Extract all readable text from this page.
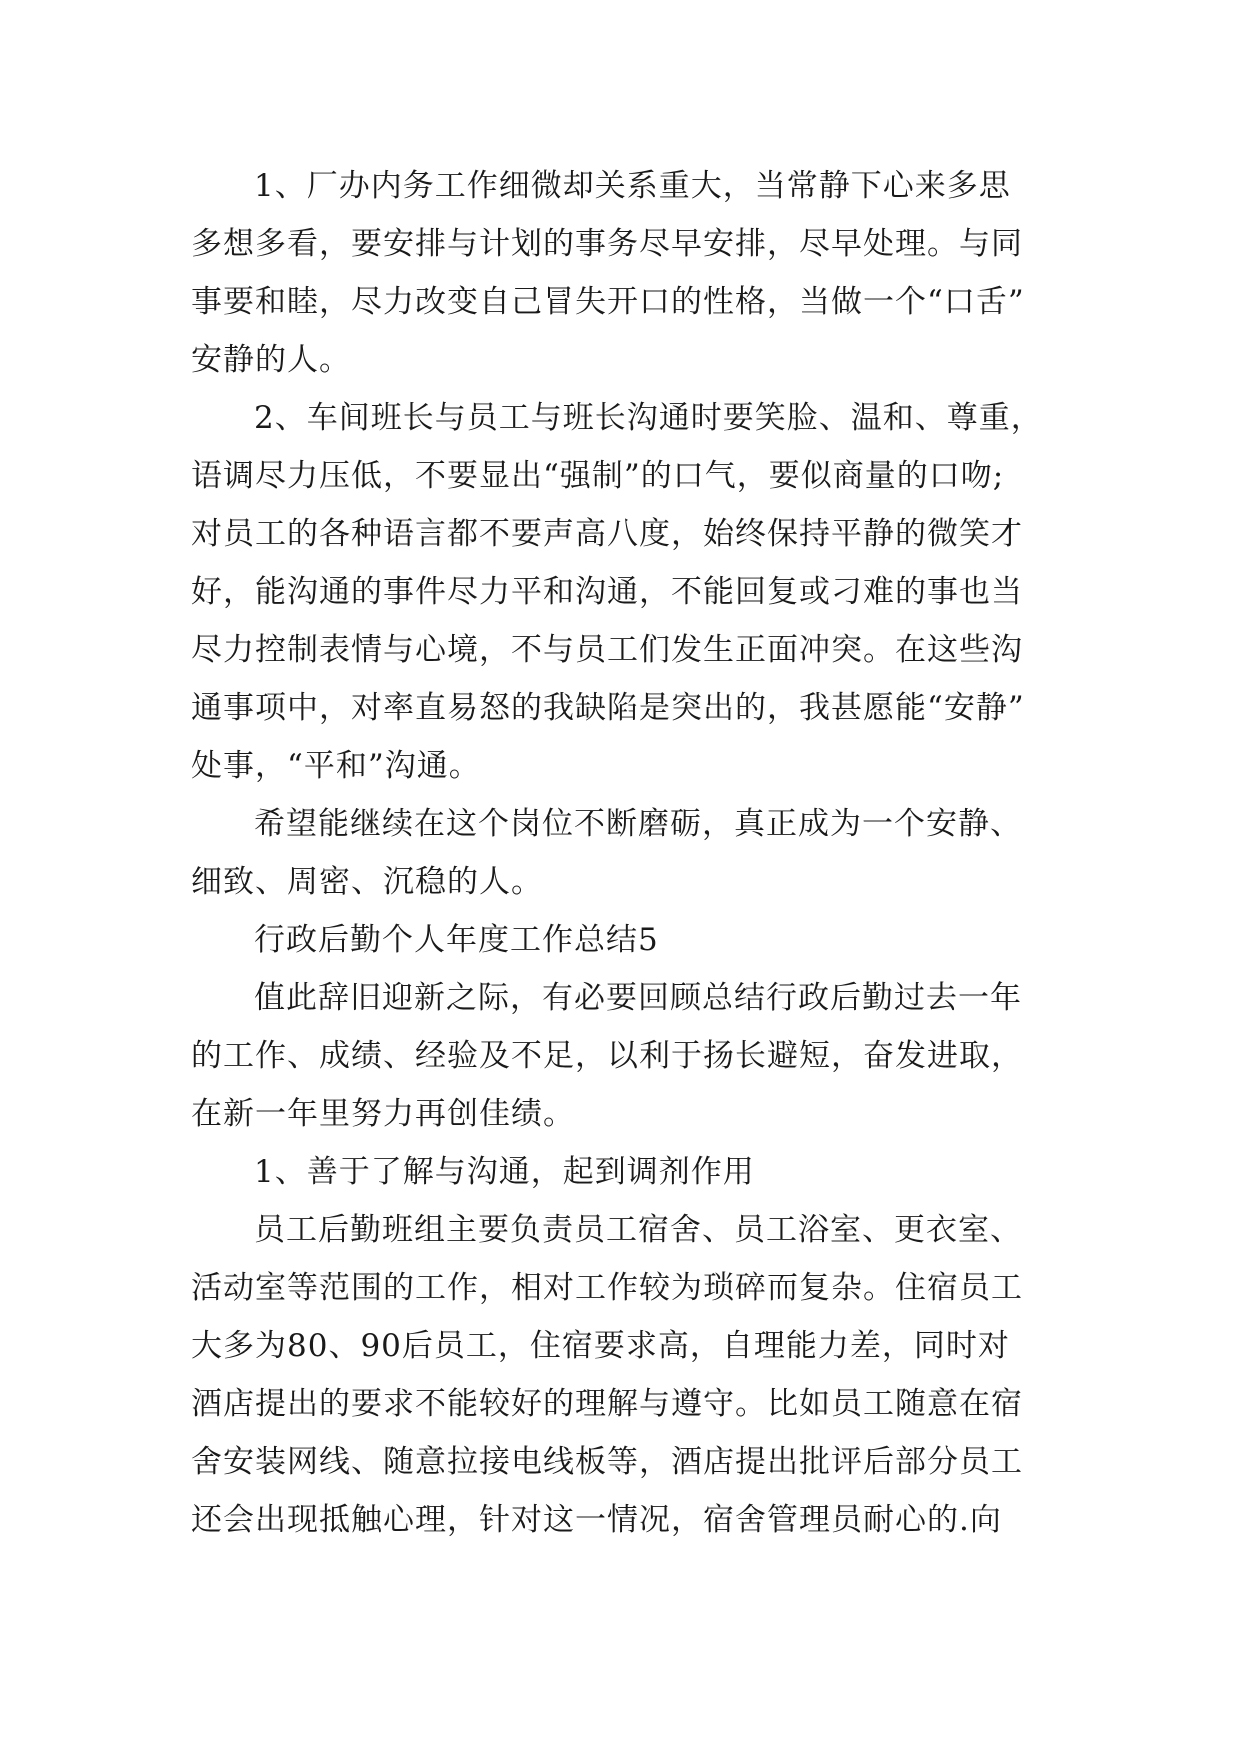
1、厂办内务工作细微却关系重大，当常静下心来多思
多想多看，要安排与计划的事务尽早安排，尽早处理。与同
事要和睦，尽力改变自己冒失开口的性格，当做一个“口舌”
安静的人。
2、车间班长与员工与班长沟通时要笑脸、温和、尊重，
语调尽力压低，不要显出“强制”的口气，要似商量的口吻;
对员工的各种语言都不要声高八度，始终保持平静的微笑才
好，能沟通的事件尽力平和沟通，不能回复或刁难的事也当
尽力控制表情与心境，不与员工们发生正面冲突。在这些沟
通事项中，对率直易怒的我缺陷是突出的，我甚愿能“安静”
处事，“平和”沟通。
希望能继续在这个岗位不断磨砺，真正成为一个安静、
细致、周密、沉稳的人。
行政后勤个人年度工作总结5
值此辞旧迎新之际，有必要回顾总结行政后勤过去一年
的工作、成绩、经验及不足，以利于扬长避短，奋发进取，
在新一年里努力再创佳绩。
1、善于了解与沟通，起到调剂作用
员工后勤班组主要负责员工宿舍、员工浴室、更衣室、
活动室等范围的工作，相对工作较为琐碎而复杂。住宿员工
大多为80、90后员工，住宿要求高，自理能力差，同时对
酒店提出的要求不能较好的理解与遵守。比如员工随意在宿
舍安装网线、随意拉接电线板等，酒店提出批评后部分员工
还会出现抵触心理，针对这一情况，宿舍管理员耐心的.向
